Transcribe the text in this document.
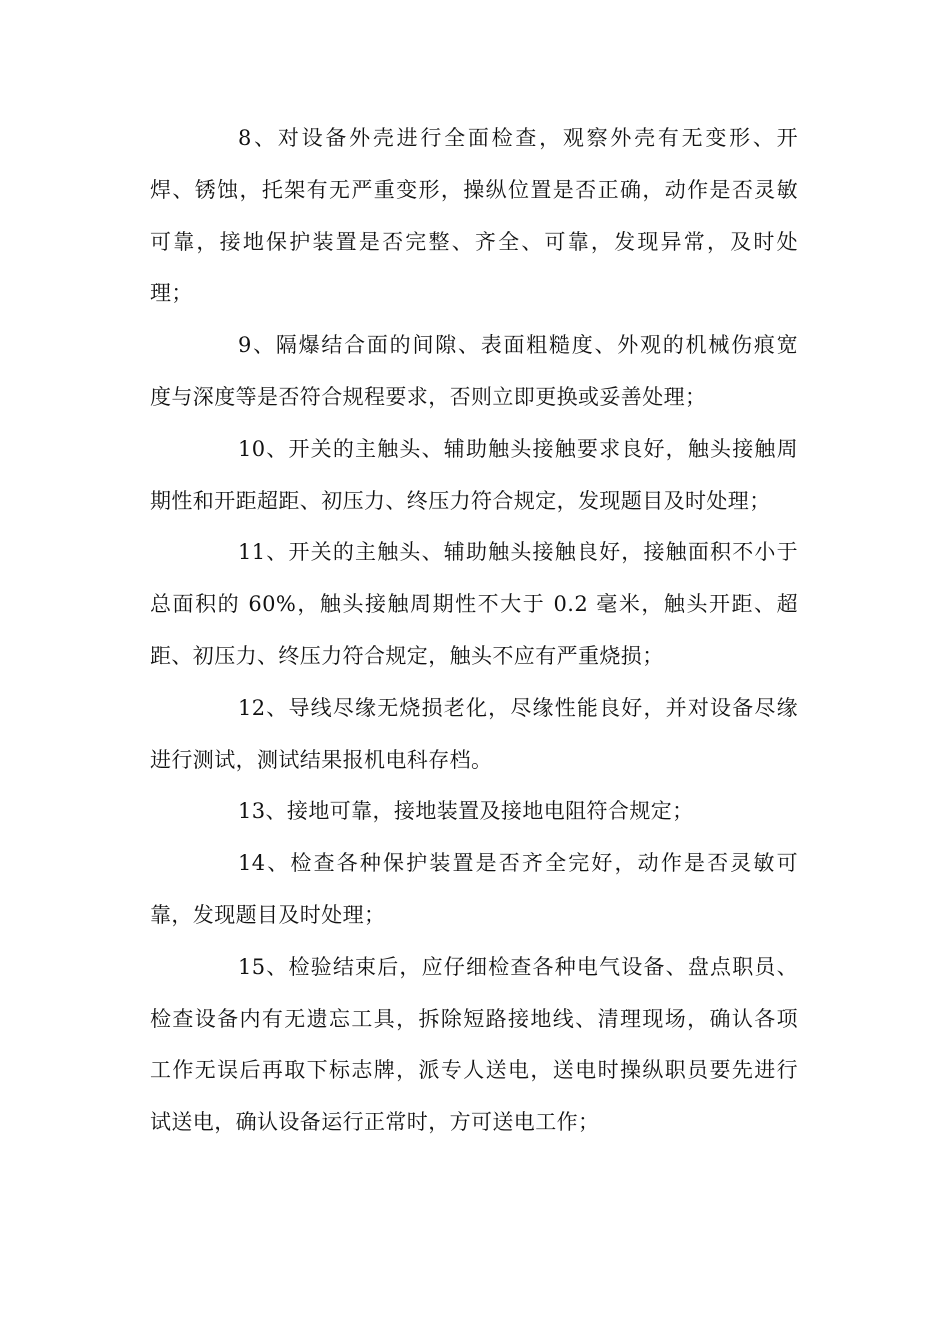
8、对设备外壳进行全面检查，观察外壳有无变形、开
焊、锈蚀，托架有无严重变形，操纵位置是否正确，动作是否灵敏
可靠，接地保护装置是否完整、齐全、可靠，发现异常，及时处
理；
9、隔爆结合面的间隙、表面粗糙度、外观的机械伤痕宽
度与深度等是否符合规程要求，否则立即更换或妥善处理；
10、开关的主触头、辅助触头接触要求良好，触头接触周
期性和开距超距、初压力、终压力符合规定，发现题目及时处理；
11、开关的主触头、辅助触头接触良好，接触面积不小于
总面积的 60%，触头接触周期性不大于 0.2 毫米，触头开距、超
距、初压力、终压力符合规定，触头不应有严重烧损；
12、导线尽缘无烧损老化，尽缘性能良好，并对设备尽缘
进行测试，测试结果报机电科存档。
13、接地可靠，接地装置及接地电阻符合规定；
14、检查各种保护装置是否齐全完好，动作是否灵敏可
靠，发现题目及时处理；
15、检验结束后，应仔细检查各种电气设备、盘点职员、
检查设备内有无遗忘工具，拆除短路接地线、清理现场，确认各项
工作无误后再取下标志牌，派专人送电，送电时操纵职员要先进行
试送电，确认设备运行正常时，方可送电工作；
